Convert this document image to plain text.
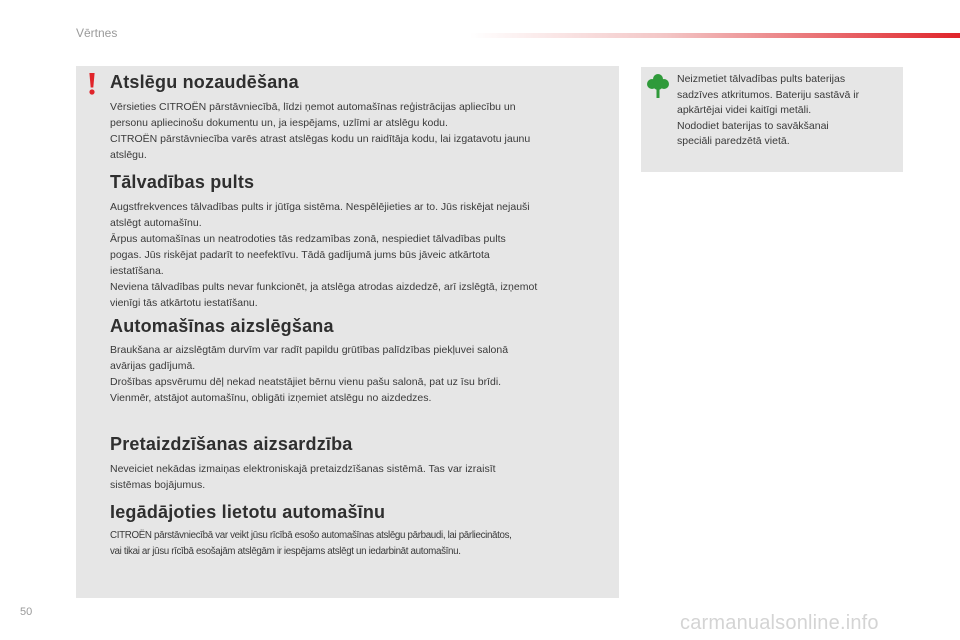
Vērtnes

Neizmetiet tālvadības pults baterijas
sadzīves atkritumos. Bateriju sastāvā ir
apkārtējai videi kaitīgi metāli.
Nododiet baterijas to savākšanai
speciāli paredzētā vietā.

Atslēgu nozaudēšana

Vērsieties CITROËN pārstāvniecībā, līdzi ņemot automašīnas reģistrācijas apliecību un
personu apliecinošu dokumentu un, ja iespējams, uzlīmi ar atslēgu kodu.
CITROËN pārstāvniecība varēs atrast atslēgas kodu un raidītāja kodu, lai izgatavotu jaunu
atslēgu.

Tālvadības pults

Augstfrekvences tālvadības pults ir jūtīga sistēma. Nespēlējieties ar to. Jūs riskējat nejauši
atslēgt automašīnu.
Ārpus automašīnas un neatrodoties tās redzamības zonā, nespiediet tālvadības pults
pogas. Jūs riskējat padarīt to neefektīvu. Tādā gadījumā jums būs jāveic atkārtota
iestatīšana.
Neviena tālvadības pults nevar funkcionēt, ja atslēga atrodas aizdedzē, arī izslēgtā, izņemot
vienīgi tās atkārtotu iestatīšanu.

Automašīnas aizslēgšana

Braukšana ar aizslēgtām durvīm var radīt papildu grūtības palīdzības piekļuvei salonā
avārijas gadījumā.
Drošības apsvērumu dēļ nekad neatstājiet bērnu vienu pašu salonā, pat uz īsu brīdi.
Vienmēr, atstājot automašīnu, obligāti izņemiet atslēgu no aizdedzes.

Pretaizdzīšanas aizsardzība

Neveiciet nekādas izmaiņas elektroniskajā pretaizdzīšanas sistēmā. Tas var izraisīt
sistēmas bojājumus.

Iegādājoties lietotu automašīnu

CITROËN pārstāvniecībā var veikt jūsu rīcībā esošo automašīnas atslēgu pārbaudi, lai pārliecinātos,
vai tikai ar jūsu rīcībā esošajām atslēgām ir iespējams atslēgt un iedarbināt automašīnu.

50	carmanualsonline.info
